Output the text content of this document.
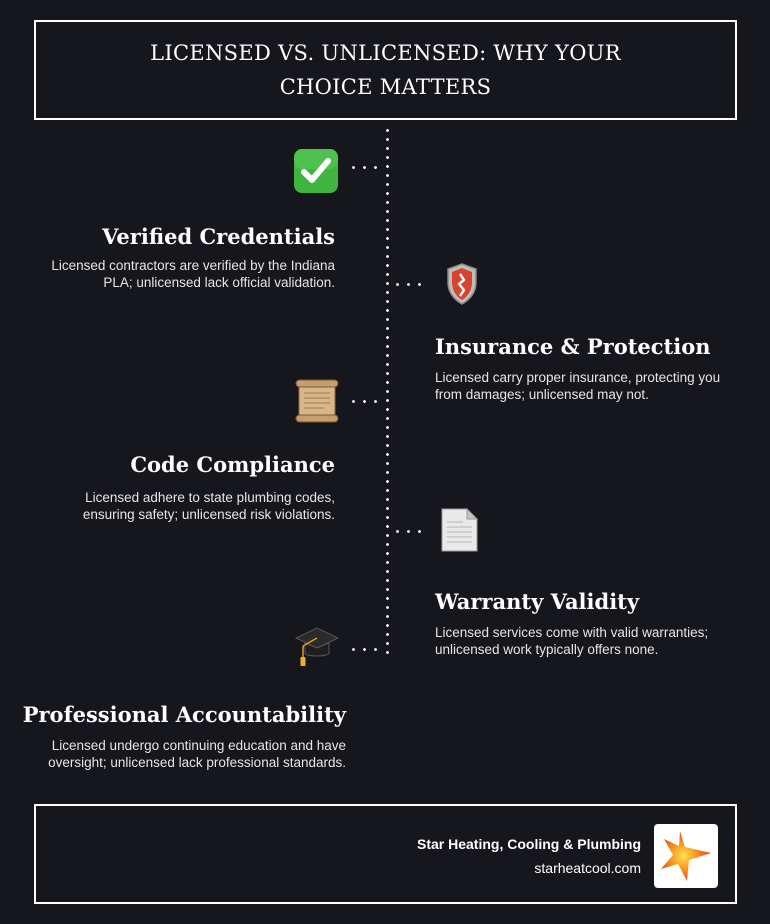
LICENSED VS. UNLICENSED: WHY YOUR CHOICE MATTERS
Verified Credentials
Licensed contractors are verified by the Indiana PLA; unlicensed lack official validation.
Insurance & Protection
Licensed carry proper insurance, protecting you from damages; unlicensed may not.
Code Compliance
Licensed adhere to state plumbing codes, ensuring safety; unlicensed risk violations.
Warranty Validity
Licensed services come with valid warranties; unlicensed work typically offers none.
Professional Accountability
Licensed undergo continuing education and have oversight; unlicensed lack professional standards.
Star Heating, Cooling & Plumbing
starheatcool.com
